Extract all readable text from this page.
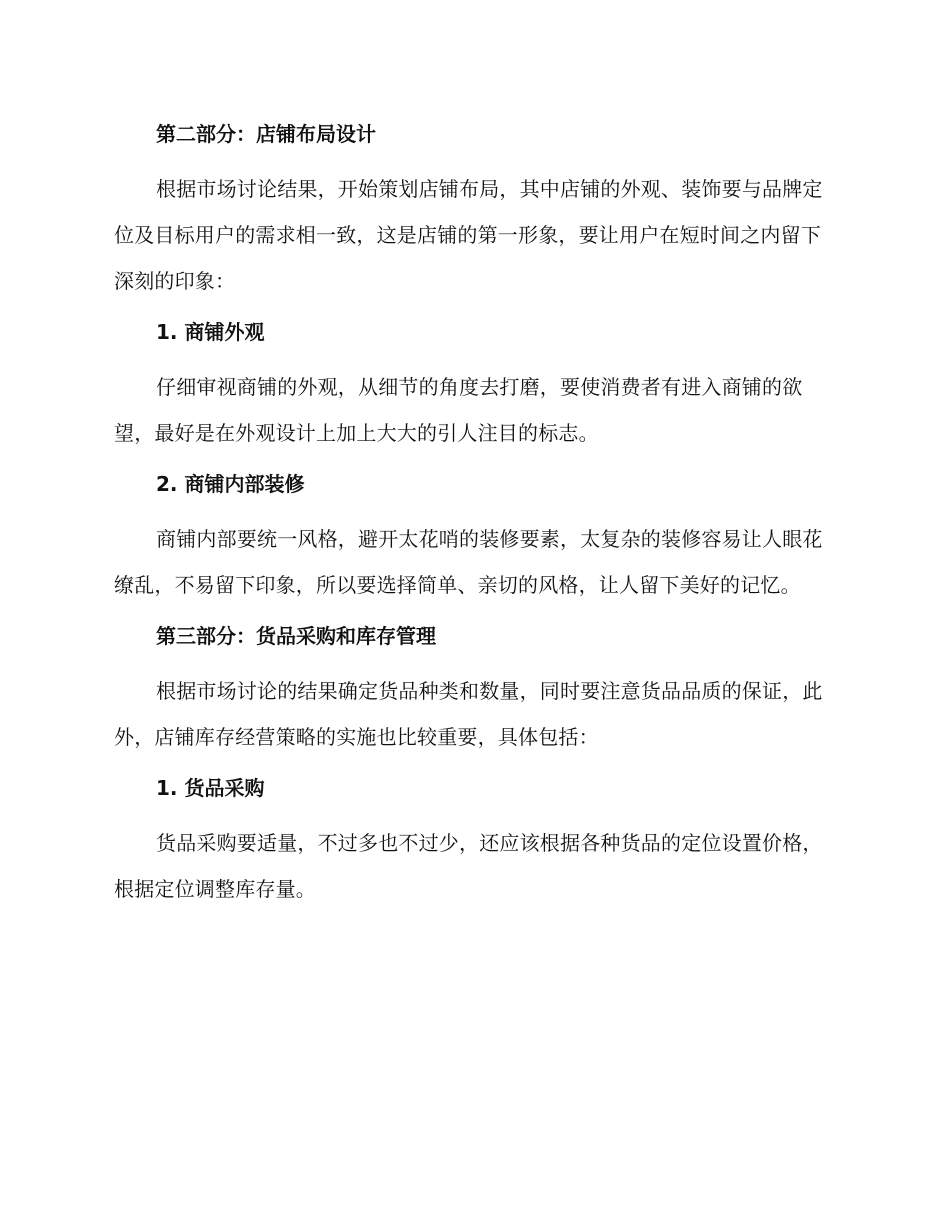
第二部分：店铺布局设计

根据市场讨论结果，开始策划店铺布局，其中店铺的外观、装饰要与品牌定位及目标用户的需求相一致，这是店铺的第一形象，要让用户在短时间之内留下深刻的印象：

1. 商铺外观

仔细审视商铺的外观，从细节的角度去打磨，要使消费者有进入商铺的欲望，最好是在外观设计上加上大大的引人注目的标志。

2. 商铺内部装修

商铺内部要统一风格，避开太花哨的装修要素，太复杂的装修容易让人眼花缭乱，不易留下印象，所以要选择简单、亲切的风格，让人留下美好的记忆。

第三部分：货品采购和库存管理

根据市场讨论的结果确定货品种类和数量，同时要注意货品品质的保证，此外，店铺库存经营策略的实施也比较重要，具体包括：

1. 货品采购

货品采购要适量，不过多也不过少，还应该根据各种货品的定位设置价格，根据定位调整库存量。
